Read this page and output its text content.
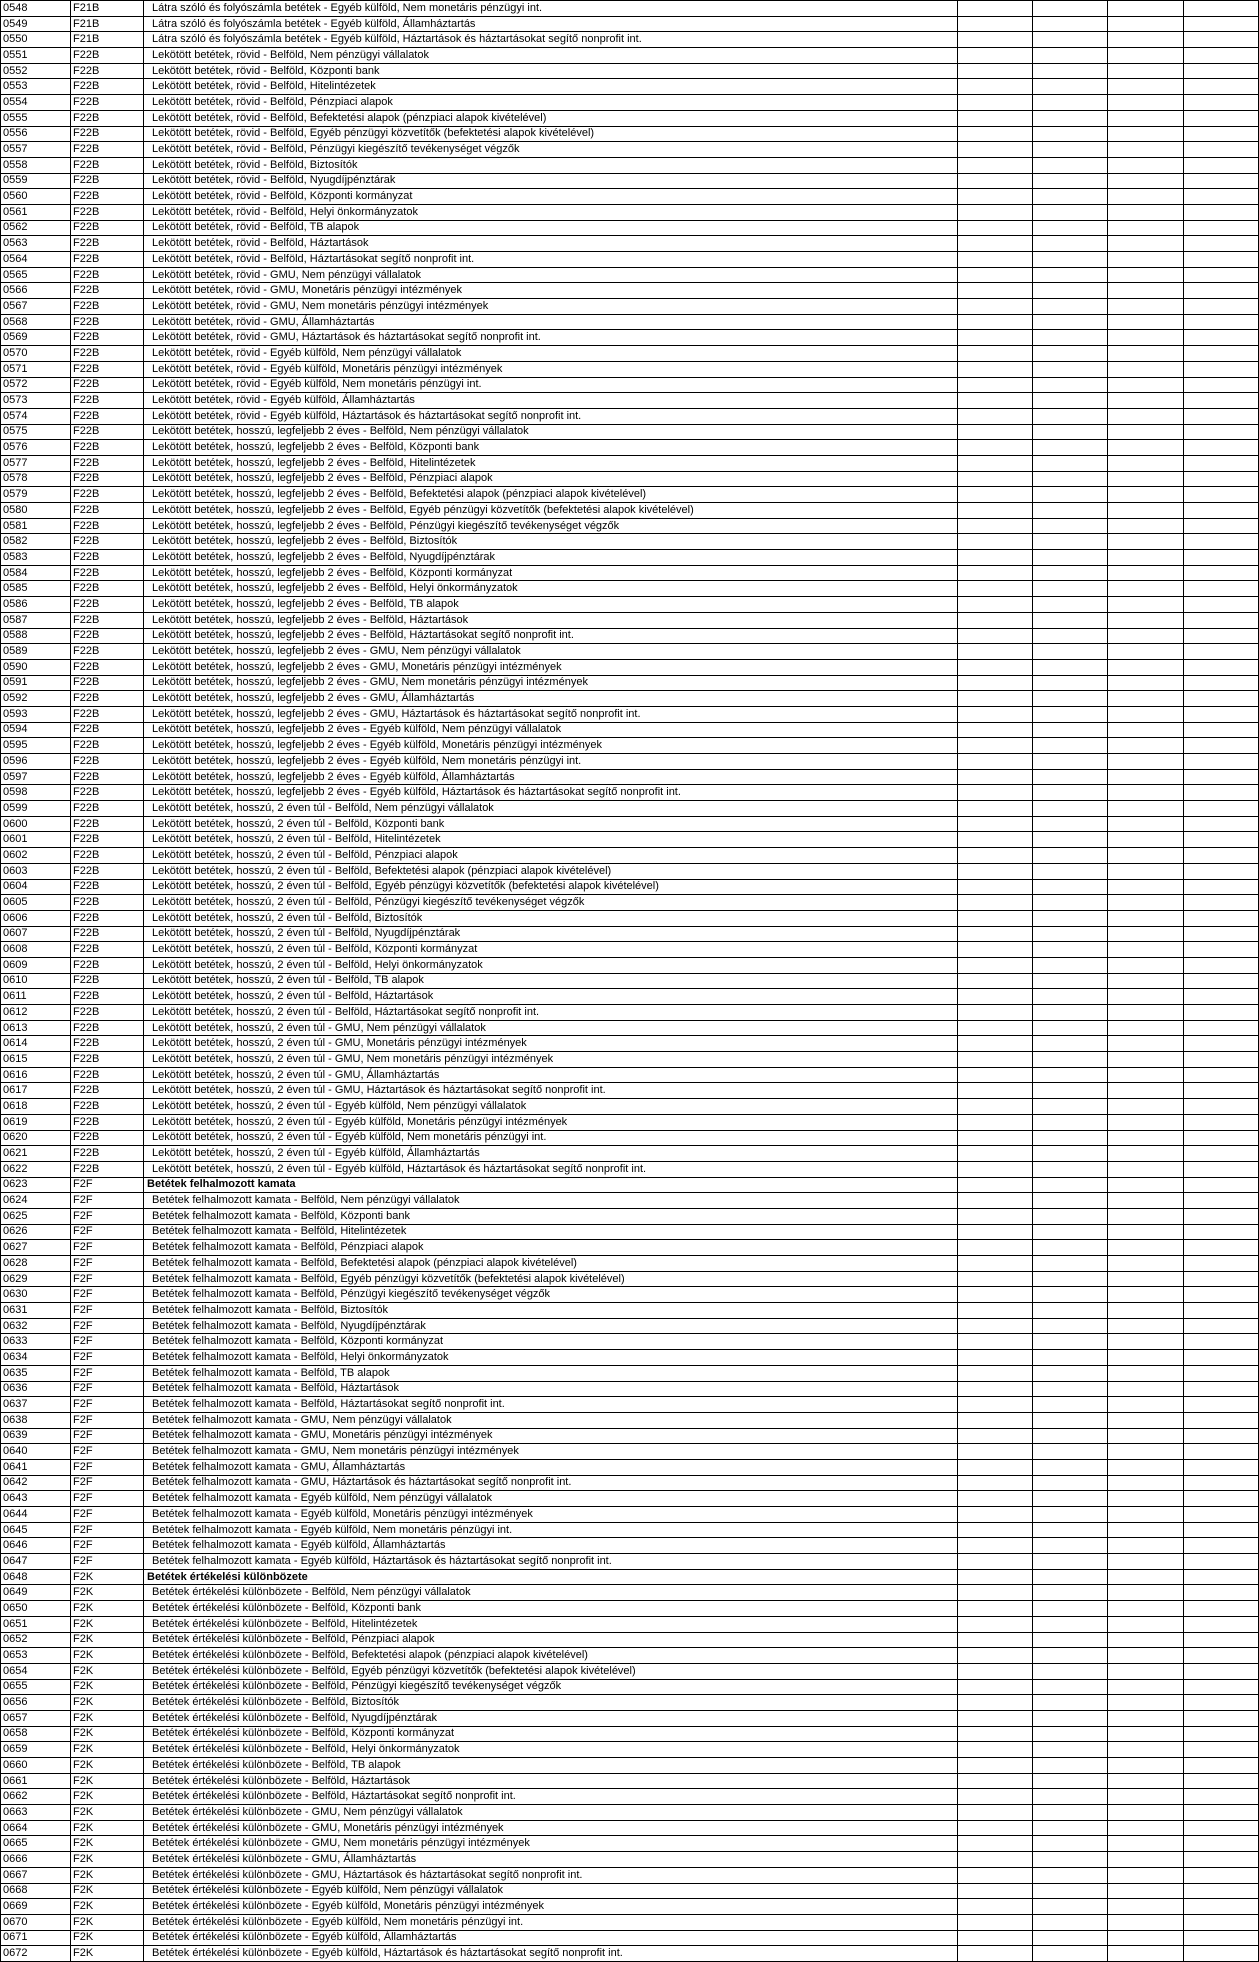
0548	F21B	Látra szóló és folyószámla betétek - Egyéb külföld, Nem monetáris pénzügyi int.				
0549	F21B	Látra szóló és folyószámla betétek - Egyéb külföld, Államháztartás				
0550	F21B	Látra szóló és folyószámla betétek - Egyéb külföld, Háztartások és háztartásokat segítő nonprofit int.				
0551	F22B	Lekötött betétek, rövid - Belföld, Nem pénzügyi vállalatok				
0552	F22B	Lekötött betétek, rövid - Belföld, Központi bank				
0553	F22B	Lekötött betétek, rövid - Belföld, Hitelintézetek				
0554	F22B	Lekötött betétek, rövid - Belföld, Pénzpiaci alapok				
0555	F22B	Lekötött betétek, rövid - Belföld, Befektetési alapok (pénzpiaci alapok kivételével)				
0556	F22B	Lekötött betétek, rövid - Belföld, Egyéb pénzügyi közvetítők (befektetési alapok kivételével)				
0557	F22B	Lekötött betétek, rövid - Belföld, Pénzügyi kiegészítő tevékenységet végzők				
0558	F22B	Lekötött betétek, rövid - Belföld, Biztosítók				
0559	F22B	Lekötött betétek, rövid - Belföld, Nyugdíjpénztárak				
0560	F22B	Lekötött betétek, rövid - Belföld, Központi kormányzat				
0561	F22B	Lekötött betétek, rövid - Belföld, Helyi önkormányzatok				
0562	F22B	Lekötött betétek, rövid - Belföld, TB alapok				
0563	F22B	Lekötött betétek, rövid - Belföld, Háztartások				
0564	F22B	Lekötött betétek, rövid - Belföld, Háztartásokat segítő nonprofit int.				
0565	F22B	Lekötött betétek, rövid - GMU, Nem pénzügyi vállalatok				
0566	F22B	Lekötött betétek, rövid - GMU, Monetáris pénzügyi intézmények				
0567	F22B	Lekötött betétek, rövid - GMU, Nem monetáris pénzügyi intézmények				
0568	F22B	Lekötött betétek, rövid - GMU, Államháztartás				
0569	F22B	Lekötött betétek, rövid - GMU, Háztartások és háztartásokat segítő nonprofit int.				
0570	F22B	Lekötött betétek, rövid - Egyéb külföld, Nem pénzügyi vállalatok				
0571	F22B	Lekötött betétek, rövid - Egyéb külföld, Monetáris pénzügyi intézmények				
0572	F22B	Lekötött betétek, rövid - Egyéb külföld, Nem monetáris pénzügyi int.				
0573	F22B	Lekötött betétek, rövid - Egyéb külföld, Államháztartás				
0574	F22B	Lekötött betétek, rövid - Egyéb külföld, Háztartások és háztartásokat segítő nonprofit int.				
0575	F22B	Lekötött betétek, hosszú, legfeljebb 2 éves - Belföld, Nem pénzügyi vállalatok				
0576	F22B	Lekötött betétek, hosszú, legfeljebb 2 éves - Belföld, Központi bank				
0577	F22B	Lekötött betétek, hosszú, legfeljebb 2 éves - Belföld, Hitelintézetek				
0578	F22B	Lekötött betétek, hosszú, legfeljebb 2 éves - Belföld, Pénzpiaci alapok				
0579	F22B	Lekötött betétek, hosszú, legfeljebb 2 éves - Belföld, Befektetési alapok (pénzpiaci alapok kivételével)				
0580	F22B	Lekötött betétek, hosszú, legfeljebb 2 éves - Belföld, Egyéb pénzügyi közvetítők (befektetési alapok kivételével)				
0581	F22B	Lekötött betétek, hosszú, legfeljebb 2 éves - Belföld, Pénzügyi kiegészítő tevékenységet végzők				
0582	F22B	Lekötött betétek, hosszú, legfeljebb 2 éves - Belföld, Biztosítók				
0583	F22B	Lekötött betétek, hosszú, legfeljebb 2 éves - Belföld, Nyugdíjpénztárak				
0584	F22B	Lekötött betétek, hosszú, legfeljebb 2 éves - Belföld, Központi kormányzat				
0585	F22B	Lekötött betétek, hosszú, legfeljebb 2 éves - Belföld, Helyi önkormányzatok				
0586	F22B	Lekötött betétek, hosszú, legfeljebb 2 éves - Belföld, TB alapok				
0587	F22B	Lekötött betétek, hosszú, legfeljebb 2 éves - Belföld, Háztartások				
0588	F22B	Lekötött betétek, hosszú, legfeljebb 2 éves - Belföld, Háztartásokat segítő nonprofit int.				
0589	F22B	Lekötött betétek, hosszú, legfeljebb 2 éves - GMU, Nem pénzügyi vállalatok				
0590	F22B	Lekötött betétek, hosszú, legfeljebb 2 éves - GMU, Monetáris pénzügyi intézmények				
0591	F22B	Lekötött betétek, hosszú, legfeljebb 2 éves - GMU, Nem monetáris pénzügyi intézmények				
0592	F22B	Lekötött betétek, hosszú, legfeljebb 2 éves - GMU, Államháztartás				
0593	F22B	Lekötött betétek, hosszú, legfeljebb 2 éves - GMU, Háztartások és háztartásokat segítő nonprofit int.				
0594	F22B	Lekötött betétek, hosszú, legfeljebb 2 éves - Egyéb külföld, Nem pénzügyi vállalatok				
0595	F22B	Lekötött betétek, hosszú, legfeljebb 2 éves - Egyéb külföld, Monetáris pénzügyi intézmények				
0596	F22B	Lekötött betétek, hosszú, legfeljebb 2 éves - Egyéb külföld, Nem monetáris pénzügyi int.				
0597	F22B	Lekötött betétek, hosszú, legfeljebb 2 éves - Egyéb külföld, Államháztartás				
0598	F22B	Lekötött betétek, hosszú, legfeljebb 2 éves - Egyéb külföld, Háztartások és háztartásokat segítő nonprofit int.				
0599	F22B	Lekötött betétek, hosszú, 2 éven túl - Belföld, Nem pénzügyi vállalatok				
0600	F22B	Lekötött betétek, hosszú, 2 éven túl - Belföld, Központi bank				
0601	F22B	Lekötött betétek, hosszú, 2 éven túl - Belföld, Hitelintézetek				
0602	F22B	Lekötött betétek, hosszú, 2 éven túl - Belföld, Pénzpiaci alapok				
0603	F22B	Lekötött betétek, hosszú, 2 éven túl - Belföld, Befektetési alapok (pénzpiaci alapok kivételével)				
0604	F22B	Lekötött betétek, hosszú, 2 éven túl - Belföld, Egyéb pénzügyi közvetítők (befektetési alapok kivételével)				
0605	F22B	Lekötött betétek, hosszú, 2 éven túl - Belföld, Pénzügyi kiegészítő tevékenységet végzők				
0606	F22B	Lekötött betétek, hosszú, 2 éven túl - Belföld, Biztosítók				
0607	F22B	Lekötött betétek, hosszú, 2 éven túl - Belföld, Nyugdíjpénztárak				
0608	F22B	Lekötött betétek, hosszú, 2 éven túl - Belföld, Központi kormányzat				
0609	F22B	Lekötött betétek, hosszú, 2 éven túl - Belföld, Helyi önkormányzatok				
0610	F22B	Lekötött betétek, hosszú, 2 éven túl - Belföld, TB alapok				
0611	F22B	Lekötött betétek, hosszú, 2 éven túl - Belföld, Háztartások				
0612	F22B	Lekötött betétek, hosszú, 2 éven túl - Belföld, Háztartásokat segítő nonprofit int.				
0613	F22B	Lekötött betétek, hosszú, 2 éven túl - GMU, Nem pénzügyi vállalatok				
0614	F22B	Lekötött betétek, hosszú, 2 éven túl - GMU, Monetáris pénzügyi intézmények				
0615	F22B	Lekötött betétek, hosszú, 2 éven túl - GMU, Nem monetáris pénzügyi intézmények				
0616	F22B	Lekötött betétek, hosszú, 2 éven túl - GMU, Államháztartás				
0617	F22B	Lekötött betétek, hosszú, 2 éven túl - GMU, Háztartások és háztartásokat segítő nonprofit int.				
0618	F22B	Lekötött betétek, hosszú, 2 éven túl - Egyéb külföld, Nem pénzügyi vállalatok				
0619	F22B	Lekötött betétek, hosszú, 2 éven túl - Egyéb külföld, Monetáris pénzügyi intézmények				
0620	F22B	Lekötött betétek, hosszú, 2 éven túl - Egyéb külföld, Nem monetáris pénzügyi int.				
0621	F22B	Lekötött betétek, hosszú, 2 éven túl - Egyéb külföld, Államháztartás				
0622	F22B	Lekötött betétek, hosszú, 2 éven túl - Egyéb külföld, Háztartások és háztartásokat segítő nonprofit int.				
0623	F2F	Betétek felhalmozott kamata				
0624	F2F	Betétek felhalmozott kamata - Belföld, Nem pénzügyi vállalatok				
0625	F2F	Betétek felhalmozott kamata - Belföld, Központi bank				
0626	F2F	Betétek felhalmozott kamata - Belföld, Hitelintézetek				
0627	F2F	Betétek felhalmozott kamata - Belföld, Pénzpiaci alapok				
0628	F2F	Betétek felhalmozott kamata - Belföld, Befektetési alapok (pénzpiaci alapok kivételével)				
0629	F2F	Betétek felhalmozott kamata - Belföld, Egyéb pénzügyi közvetítők (befektetési alapok kivételével)				
0630	F2F	Betétek felhalmozott kamata - Belföld, Pénzügyi kiegészítő tevékenységet végzők				
0631	F2F	Betétek felhalmozott kamata - Belföld, Biztosítók				
0632	F2F	Betétek felhalmozott kamata - Belföld, Nyugdíjpénztárak				
0633	F2F	Betétek felhalmozott kamata - Belföld, Központi kormányzat				
0634	F2F	Betétek felhalmozott kamata - Belföld, Helyi önkormányzatok				
0635	F2F	Betétek felhalmozott kamata - Belföld, TB alapok				
0636	F2F	Betétek felhalmozott kamata - Belföld, Háztartások				
0637	F2F	Betétek felhalmozott kamata - Belföld, Háztartásokat segítő nonprofit int.				
0638	F2F	Betétek felhalmozott kamata - GMU, Nem pénzügyi vállalatok				
0639	F2F	Betétek felhalmozott kamata - GMU, Monetáris pénzügyi intézmények				
0640	F2F	Betétek felhalmozott kamata - GMU, Nem monetáris pénzügyi intézmények				
0641	F2F	Betétek felhalmozott kamata - GMU, Államháztartás				
0642	F2F	Betétek felhalmozott kamata - GMU, Háztartások és háztartásokat segítő nonprofit int.				
0643	F2F	Betétek felhalmozott kamata - Egyéb külföld, Nem pénzügyi vállalatok				
0644	F2F	Betétek felhalmozott kamata - Egyéb külföld, Monetáris pénzügyi intézmények				
0645	F2F	Betétek felhalmozott kamata - Egyéb külföld, Nem monetáris pénzügyi int.				
0646	F2F	Betétek felhalmozott kamata - Egyéb külföld, Államháztartás				
0647	F2F	Betétek felhalmozott kamata - Egyéb külföld, Háztartások és háztartásokat segítő nonprofit int.				
0648	F2K	Betétek értékelési különbözete				
0649	F2K	Betétek értékelési különbözete - Belföld, Nem pénzügyi vállalatok				
0650	F2K	Betétek értékelési különbözete - Belföld, Központi bank				
0651	F2K	Betétek értékelési különbözete - Belföld, Hitelintézetek				
0652	F2K	Betétek értékelési különbözete - Belföld, Pénzpiaci alapok				
0653	F2K	Betétek értékelési különbözete - Belföld, Befektetési alapok (pénzpiaci alapok kivételével)				
0654	F2K	Betétek értékelési különbözete - Belföld, Egyéb pénzügyi közvetítők (befektetési alapok kivételével)				
0655	F2K	Betétek értékelési különbözete - Belföld, Pénzügyi kiegészítő tevékenységet végzők				
0656	F2K	Betétek értékelési különbözete - Belföld, Biztosítók				
0657	F2K	Betétek értékelési különbözete - Belföld, Nyugdíjpénztárak				
0658	F2K	Betétek értékelési különbözete - Belföld, Központi kormányzat				
0659	F2K	Betétek értékelési különbözete - Belföld, Helyi önkormányzatok				
0660	F2K	Betétek értékelési különbözete - Belföld, TB alapok				
0661	F2K	Betétek értékelési különbözete - Belföld, Háztartások				
0662	F2K	Betétek értékelési különbözete - Belföld, Háztartásokat segítő nonprofit int.				
0663	F2K	Betétek értékelési különbözete - GMU, Nem pénzügyi vállalatok				
0664	F2K	Betétek értékelési különbözete - GMU, Monetáris pénzügyi intézmények				
0665	F2K	Betétek értékelési különbözete - GMU, Nem monetáris pénzügyi intézmények				
0666	F2K	Betétek értékelési különbözete - GMU, Államháztartás				
0667	F2K	Betétek értékelési különbözete - GMU, Háztartások és háztartásokat segítő nonprofit int.				
0668	F2K	Betétek értékelési különbözete - Egyéb külföld, Nem pénzügyi vállalatok				
0669	F2K	Betétek értékelési különbözete - Egyéb külföld, Monetáris pénzügyi intézmények				
0670	F2K	Betétek értékelési különbözete - Egyéb külföld, Nem monetáris pénzügyi int.				
0671	F2K	Betétek értékelési különbözete - Egyéb külföld, Államháztartás				
0672	F2K	Betétek értékelési különbözete - Egyéb külföld, Háztartások és háztartásokat segítő nonprofit int.				
